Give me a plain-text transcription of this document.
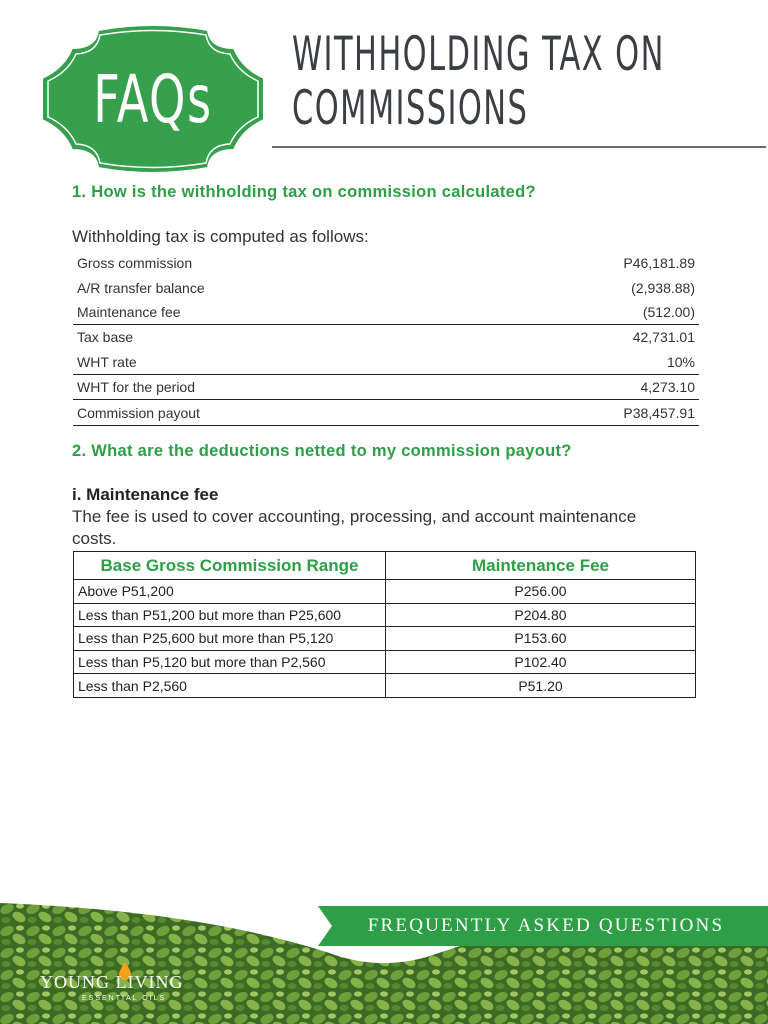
FAQs
WITHHOLDING TAX ON
COMMISSIONS
1. How is the withholding tax on commission calculated?
Withholding tax is computed as follows:
Gross commission	P46,181.89
A/R transfer balance	(2,938.88)
Maintenance fee	(512.00)
Tax base	42,731.01
WHT rate	10%
WHT for the period	4,273.10
Commission payout	P38,457.91
2. What are the deductions netted to my commission payout?
i. Maintenance fee
The fee is used to cover accounting, processing, and account maintenance costs.
Base Gross Commission Range	Maintenance Fee
Above P51,200	P256.00
Less than P51,200 but more than P25,600	P204.80
Less than P25,600 but more than P5,120	P153.60
Less than P5,120 but more than P2,560	P102.40
Less than P2,560	P51.20
FREQUENTLY ASKED QUESTIONS
YOUNG LIVING
ESSENTIAL OILS
